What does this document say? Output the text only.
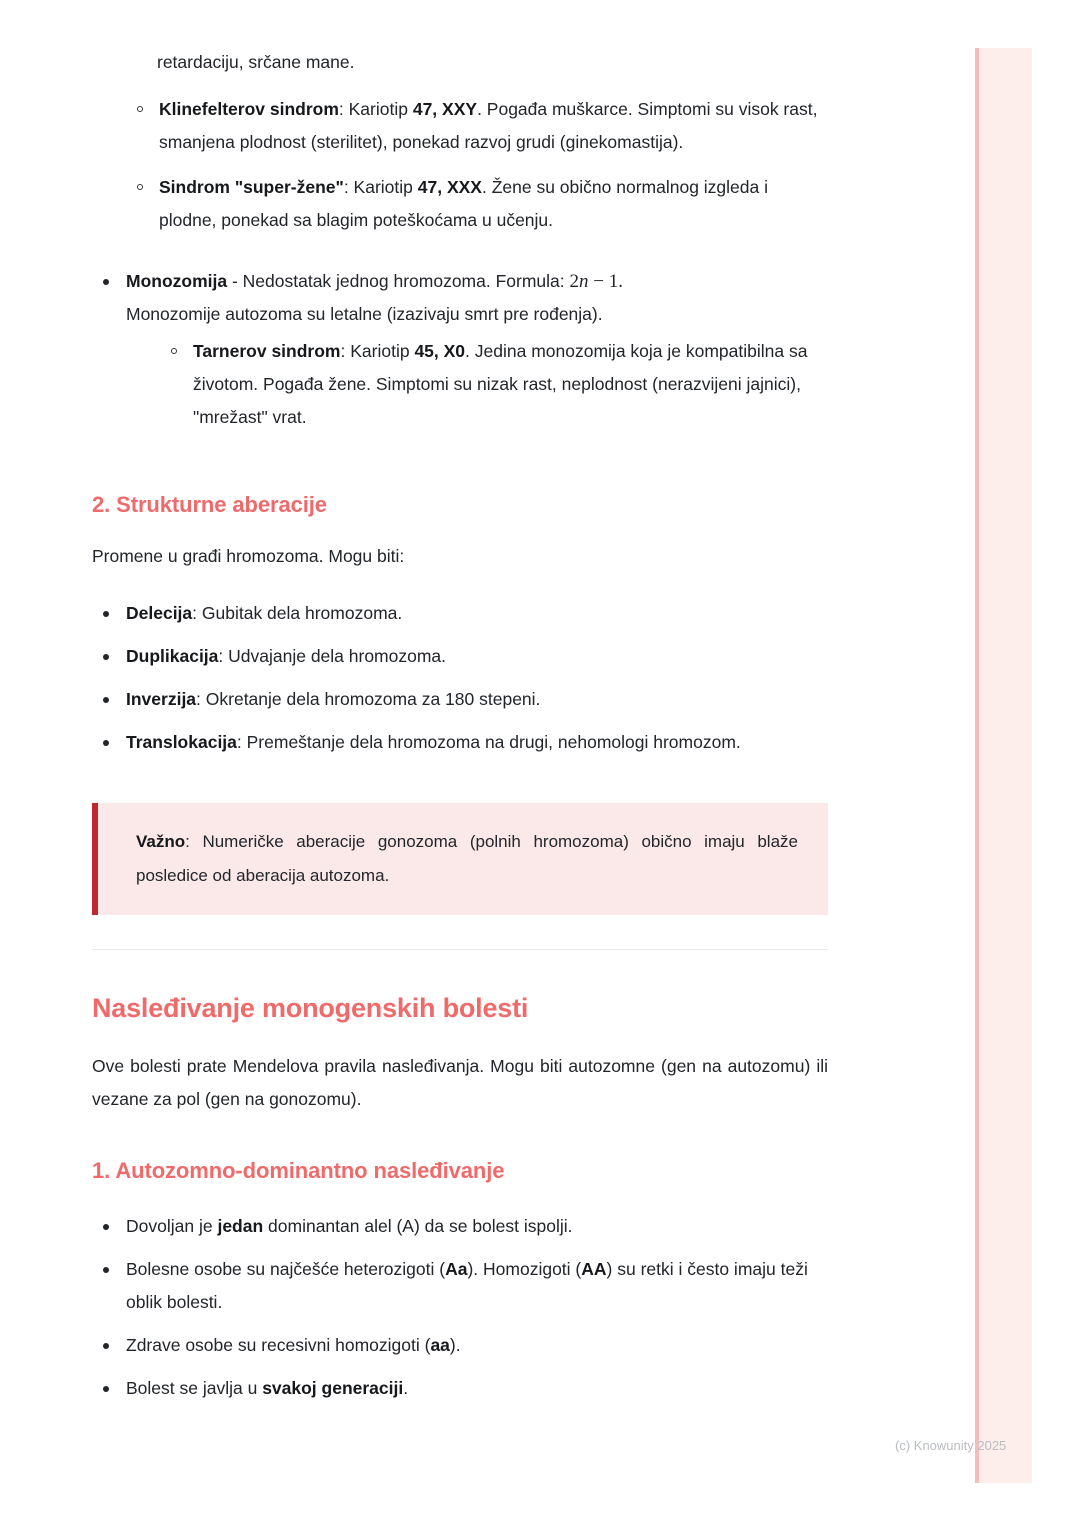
retardaciju, srčane mane.
Klinefelterov sindrom: Kariotip 47, XXY. Pogađa muškarce. Simptomi su visok rast, smanjena plodnost (sterilitet), ponekad razvoj grudi (ginekomastija).
Sindrom "super-žene": Kariotip 47, XXX. Žene su obično normalnog izgleda i plodne, ponekad sa blagim poteškoćama u učenju.
Monozomija - Nedostatak jednog hromozoma. Formula: 2n − 1.
Monozomije autozoma su letalne (izazivaju smrt pre rođenja).
Tarnerov sindrom: Kariotip 45, X0. Jedina monozomija koja je kompatibilna sa životom. Pogađa žene. Simptomi su nizak rast, neplodnost (nerazvijeni jajnici), "mrežast" vrat.
2. Strukturne aberacije

Promene u građi hromozoma. Mogu biti:

Delecija: Gubitak dela hromozoma.
Duplikacija: Udvajanje dela hromozoma.
Inverzija: Okretanje dela hromozoma za 180 stepeni.
Translokacija: Premeštanje dela hromozoma na drugi, nehomologi hromozom.

Važno: Numeričke aberacije gonozoma (polnih hromozoma) obično imaju blaže posledice od aberacija autozoma.

Nasleđivanje monogenskih bolesti

Ove bolesti prate Mendelova pravila nasleđivanja. Mogu biti autozomne (gen na autozomu) ili vezane za pol (gen na gonozomu).

1. Autozomno-dominantno nasleđivanje
Dovoljan je jedan dominantan alel (A) da se bolest ispolji.
Bolesne osobe su najčešće heterozigoti (Aa). Homozigoti (AA) su retki i često imaju teži oblik bolesti.
Zdrave osobe su recesivni homozigoti (aa).
Bolest se javlja u svakoj generaciji.
(c) Knowunity 2025
